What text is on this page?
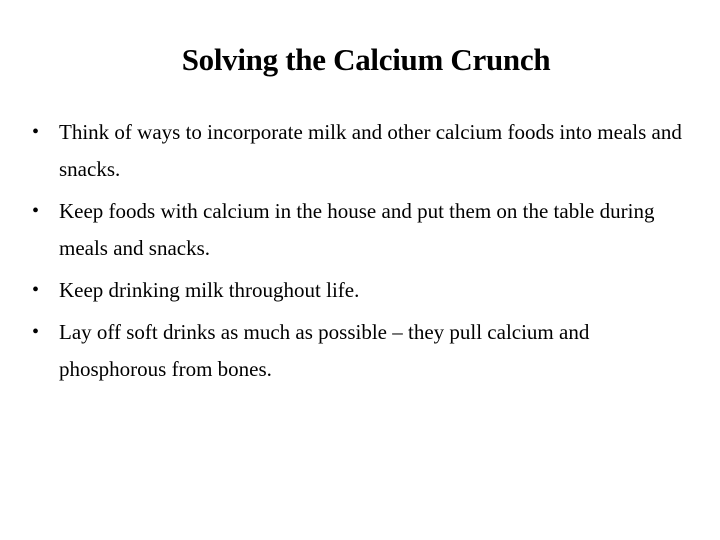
Solving the Calcium Crunch
• Think of ways to incorporate milk and other calcium foods into meals and snacks.
• Keep foods with calcium in the house and put them on the table during meals and snacks.
• Keep drinking milk throughout life.
• Lay off soft drinks as much as possible – they pull calcium and phosphorous from bones.
